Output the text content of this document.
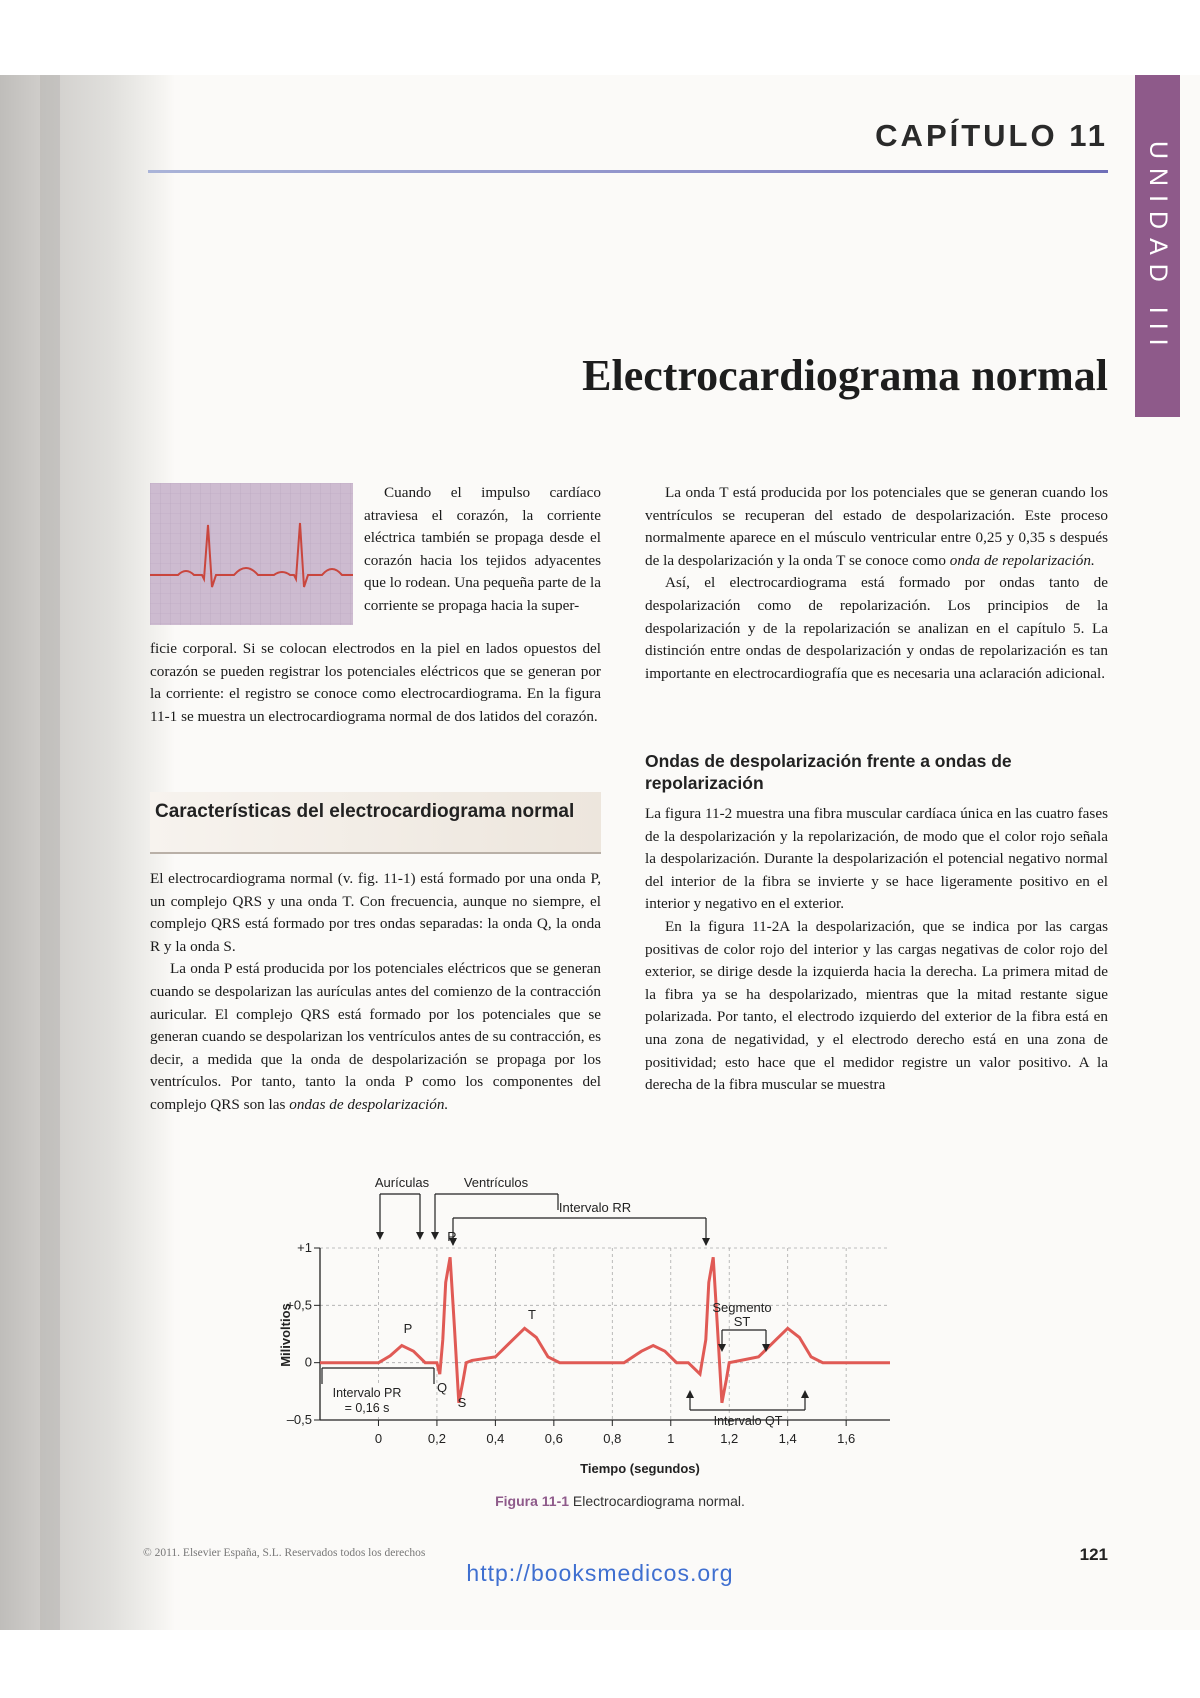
UNIDAD III
CAPÍTULO 11
Electrocardiograma normal

Cuando el impulso cardíaco atraviesa el corazón, la corriente eléctrica también se propaga desde el corazón hacia los tejidos adyacentes que lo rodean. Una pequeña parte de la corriente se propaga hacia la super-

ficie corporal. Si se colocan electrodos en la piel en lados opuestos del corazón se pueden registrar los potenciales eléctricos que se generan por la corriente: el registro se conoce como electrocardiograma. En la figura 11-1 se muestra un electrocardiograma normal de dos latidos del corazón.

Características del electrocardiograma normal

El electrocardiograma normal (v. fig. 11-1) está formado por una onda P, un complejo QRS y una onda T. Con frecuencia, aunque no siempre, el complejo QRS está formado por tres ondas separadas: la onda Q, la onda R y la onda S.

La onda P está producida por los potenciales eléctricos que se generan cuando se despolarizan las aurículas antes del comienzo de la contracción auricular. El complejo QRS está formado por los potenciales que se generan cuando se despolarizan los ventrículos antes de su contracción, es decir, a medida que la onda de despolarización se propaga por los ventrículos. Por tanto, tanto la onda P como los componentes del complejo QRS son las ondas de despolarización.

La onda T está producida por los potenciales que se generan cuando los ventrículos se recuperan del estado de despolarización. Este proceso normalmente aparece en el músculo ventricular entre 0,25 y 0,35 s después de la despolarización y la onda T se conoce como onda de repolarización.

Así, el electrocardiograma está formado por ondas tanto de despolarización como de repolarización. Los principios de la despolarización y de la repolarización se analizan en el capítulo 5. La distinción entre ondas de despolarización y ondas de repolarización es tan importante en electrocardiografía que es necesaria una aclaración adicional.

Ondas de despolarización frente a ondas de repolarización

La figura 11-2 muestra una fibra muscular cardíaca única en las cuatro fases de la despolarización y la repolarización, de modo que el color rojo señala la despolarización. Durante la despolarización el potencial negativo normal del interior de la fibra se invierte y se hace ligeramente positivo en el interior y negativo en el exterior.

En la figura 11-2A la despolarización, que se indica por las cargas positivas de color rojo del interior y las cargas negativas de color rojo del exterior, se dirige desde la izquierda hacia la derecha. La primera mitad de la fibra ya se ha despolarizado, mientras que la mitad restante sigue polarizada. Por tanto, el electrodo izquierdo del exterior de la fibra está en una zona de negatividad, y el electrodo derecho está en una zona de positividad; esto hace que el medidor registre un valor positivo. A la derecha de la fibra muscular se muestra

0	0,2	0,4	0,6	0,8	1	1,2	1,4	1,6
+1
+0,5
0
–0,5
Milivoltios
Tiempo (segundos)
Aurículas	Ventrículos
Intervalo RR
Segmento
ST
Intervalo PR
= 0,16 s
Intervalo QT
P
Q
R
S
T
Figura 11-1 Electrocardiograma normal.
© 2011. Elsevier España, S.L. Reservados todos los derechos	121
http://booksmedicos.org
